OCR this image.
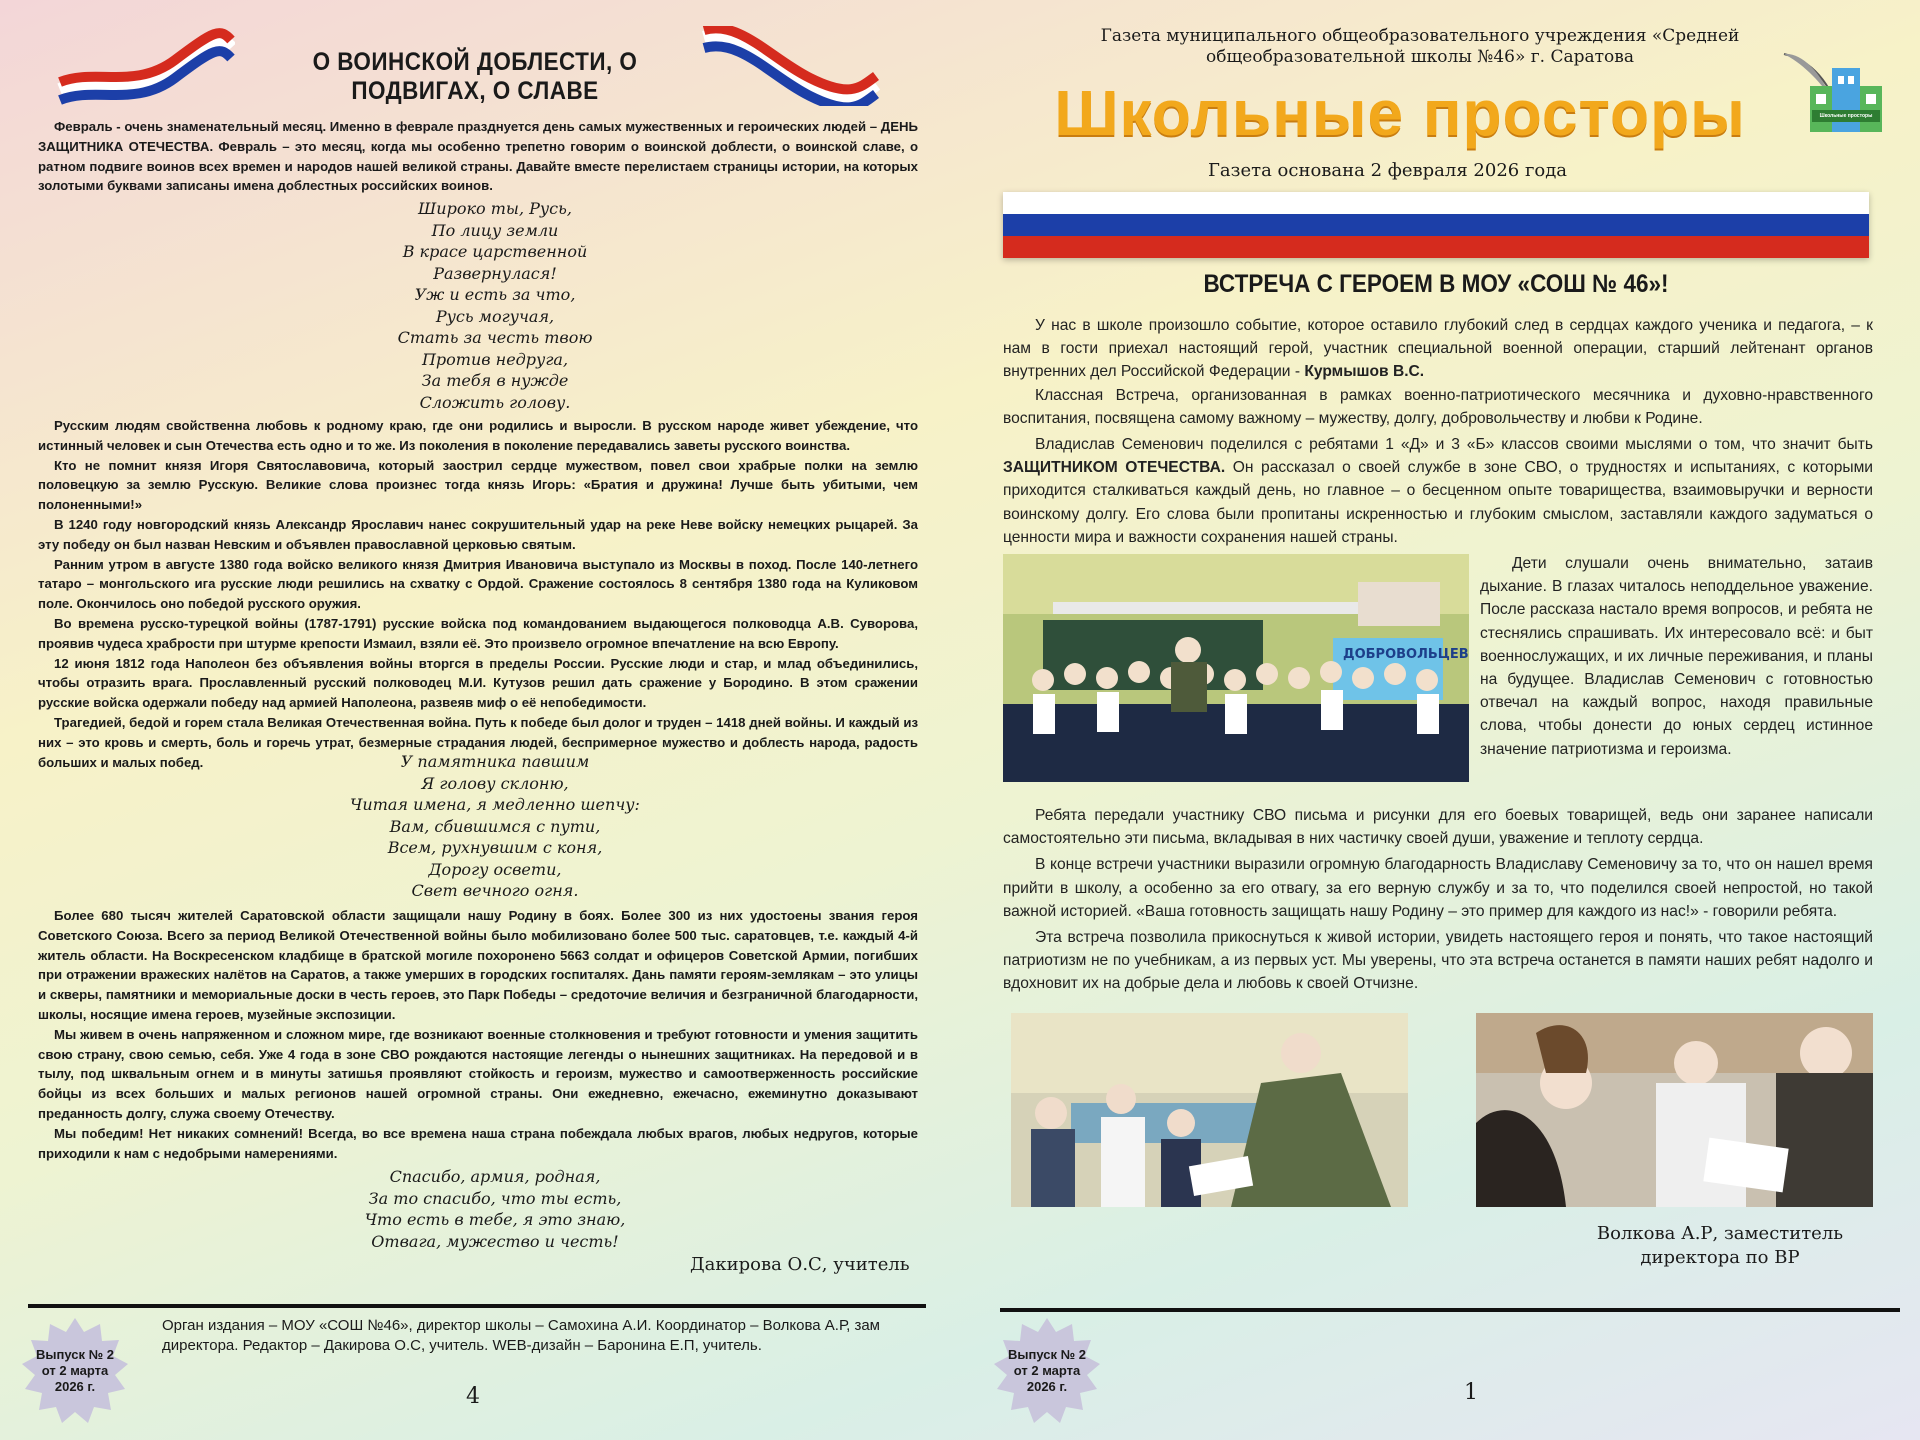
О ВОИНСКОЙ ДОБЛЕСТИ, О ПОДВИГАХ, О СЛАВЕ

Февраль - очень знаменательный месяц. Именно в феврале празднуется день самых мужественных и героических людей – ДЕНЬ ЗАЩИТНИКА ОТЕЧЕСТВА. Февраль – это месяц, когда мы особенно трепетно говорим о воинской доблести, о воинской славе, о ратном подвиге воинов всех времен и народов нашей великой страны. Давайте вместе перелистаем страницы истории, на которых золотыми буквами записаны имена доблестных российских воинов.

Широко ты, Русь,
По лицу земли
В красе царственной
Развернулася!
Уж и есть за что,
Русь могучая,
Стать за честь твою
Против недруга,
За тебя в нужде
Сложить голову.

Русским людям свойственна любовь к родному краю, где они родились и выросли. В русском народе живет убеждение, что истинный человек и сын Отечества есть одно и то же. Из поколения в поколение передавались заветы русского воинства.

Кто не помнит князя Игоря Святославовича, который заострил сердце мужеством, повел свои храбрые полки на землю половецкую за землю Русскую. Великие слова произнес тогда князь Игорь: «Братия и дружина! Лучше быть убитыми, чем полоненными!»

В 1240 году новгородский князь Александр Ярославич нанес сокрушительный удар на реке Неве войску немецких рыцарей. За эту победу он был назван Невским и объявлен православной церковью святым.

Ранним утром в августе 1380 года войско великого князя Дмитрия Ивановича выступало из Москвы в поход. После 140-летнего татаро – монгольского ига русские люди решились на схватку с Ордой. Сражение состоялось 8 сентября 1380 года на Куликовом поле. Окончилось оно победой русского оружия.

Во времена русско-турецкой войны (1787-1791) русские войска под командованием выдающегося полководца А.В. Суворова, проявив чудеса храбрости при штурме крепости Измаил, взяли её. Это произвело огромное впечатление на всю Европу.

12 июня 1812 года Наполеон без объявления войны вторгся в пределы России. Русские люди и стар, и млад объединились, чтобы отразить врага. Прославленный русский полководец М.И. Кутузов решил дать сражение у Бородино. В этом сражении русские войска одержали победу над армией Наполеона, развеяв миф о её непобедимости.

Трагедией, бедой и горем стала Великая Отечественная война. Путь к победе был долог и труден – 1418 дней войны. И каждый из них – это кровь и смерть, боль и горечь утрат, безмерные страдания людей, беспримерное мужество и доблесть народа, радость больших и малых побед.	У памятника павшим
Я голову склоню,
Читая имена, я медленно шепчу:
Вам, сбившимся с пути,
Всем, рухнувшим с коня,
Дорогу освети,
Свет вечного огня.

Более 680 тысяч жителей Саратовской области защищали нашу Родину в боях. Более 300 из них удостоены звания героя Советского Союза. Всего за период Великой Отечественной войны было мобилизовано более 500 тыс. саратовцев, т.е. каждый 4-й житель области. На Воскресенском кладбище в братской могиле похоронено 5663 солдат и офицеров Советской Армии, погибших при отражении вражеских налётов на Саратов, а также умерших в городских госпиталях. Дань памяти героям-землякам – это улицы и скверы, памятники и мемориальные доски в честь героев, это Парк Победы – средоточие величия и безграничной благодарности, школы, носящие имена героев, музейные экспозиции.

Мы живем в очень напряженном и сложном мире, где возникают военные столкновения и требуют готовности и умения защитить свою страну, свою семью, себя. Уже 4 года в зоне СВО рождаются настоящие легенды о нынешних защитниках. На передовой и в тылу, под шквальным огнем и в минуты затишья проявляют стойкость и героизм, мужество и самоотверженность российские бойцы из всех больших и малых регионов нашей огромной страны. Они ежедневно, ежечасно, ежеминутно доказывают преданность долгу, служа своему Отечеству.

Мы победим! Нет никаких сомнений! Всегда, во все времена наша страна побеждала любых врагов, любых недругов, которые приходили к нам с недобрыми намерениями.

Спасибо, армия, родная,
За то спасибо, что ты есть,
Что есть в тебе, я это знаю,
Отвага, мужество и честь!
Дакирова О.С, учитель
Выпуск № 2
от 2 марта
2026 г.
Орган издания – МОУ «СОШ №46», директор школы – Самохина А.И. Координатор – Волкова А.Р, зам директора. Редактор – Дакирова О.С, учитель. WEB-дизайн – Баронина Е.П, учитель.
4
Газета муниципального общеобразовательного учреждения «Средней общеобразовательной школы №46» г. Саратова
Школьные просторы	Школьные просторы
Газета основана 2 февраля 2026 года
ВСТРЕЧА С ГЕРОЕМ В МОУ «СОШ № 46»!

У нас в школе произошло событие, которое оставило глубокий след в сердцах каждого ученика и педагога, – к нам в гости приехал настоящий герой, участник специальной военной операции, старший лейтенант органов внутренних дел Российской Федерации - Курмышов В.С.

Классная Встреча, организованная в рамках военно-патриотического месячника и духовно-нравственного воспитания, посвящена самому важному – мужеству, долгу, добровольчеству и любви к Родине.

Владислав Семенович поделился с ребятами 1 «Д» и 3 «Б» классов своими мыслями о том, что значит быть ЗАЩИТНИКОМ ОТЕЧЕСТВА. Он рассказал о своей службе в зоне СВО, о трудностях и испытаниях, с которыми приходится сталкиваться каждый день, но главное – о бесценном опыте товарищества, взаимовыручки и верности воинскому долгу. Его слова были пропитаны искренностью и глубоким смыслом, заставляли каждого задуматься о ценности мира и важности сохранения нашей страны.

ДОБРОВОЛЬЦЕВ

Дети слушали очень внимательно, затаив дыхание. В глазах читалось неподдельное уважение. После рассказа настало время вопросов, и ребята не стеснялись спрашивать. Их интересовало всё: и быт военнослужащих, и их личные переживания, и планы на будущее. Владислав Семенович с готовностью отвечал на каждый вопрос, находя правильные слова, чтобы донести до юных сердец истинное значение патриотизма и героизма.

Ребята передали участнику СВО письма и рисунки для его боевых товарищей, ведь они заранее написали самостоятельно эти письма, вкладывая в них частичку своей души, уважение и теплоту сердца.

В конце встречи участники выразили огромную благодарность Владиславу Семеновичу за то, что он нашел время прийти в школу, а особенно за его отвагу, за его верную службу и за то, что поделился своей непростой, но такой важной историей. «Ваша готовность защищать нашу Родину – это пример для каждого из нас!» - говорили ребята.

Эта встреча позволила прикоснуться к живой истории, увидеть настоящего героя и понять, что такое настоящий патриотизм не по учебникам, а из первых уст. Мы уверены, что эта встреча останется в памяти наших ребят надолго и вдохновит их на добрые дела и любовь к своей Отчизне.

Волкова А.Р, заместитель директора по ВР
Выпуск № 2
от 2 марта
2026 г.	1
